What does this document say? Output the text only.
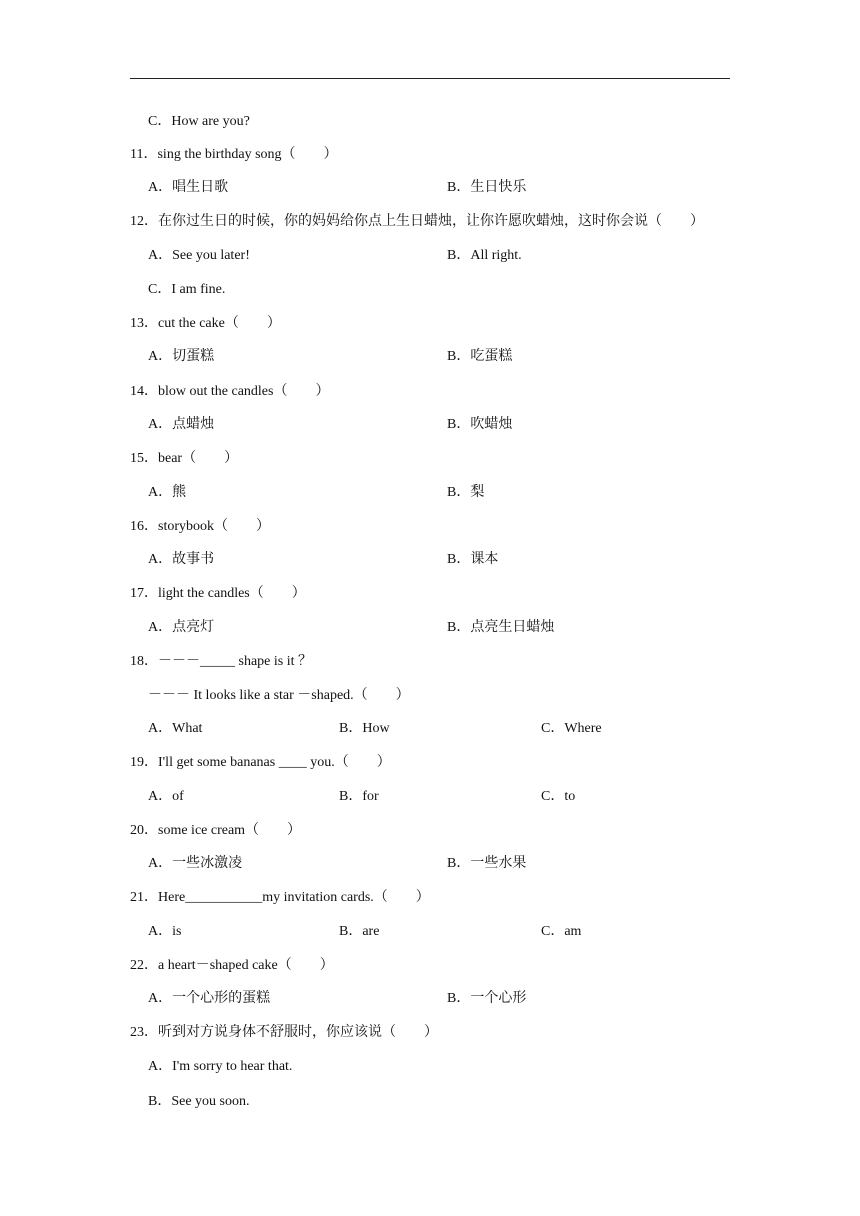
C．How are you?
11．sing the birthday song（　　）
A．唱生日歌	B．生日快乐
12．在你过生日的时候，你的妈妈给你点上生日蜡烛，让你许愿吹蜡烛，这时你会说（　　）
A．See you later!	B．All right.
C．I am fine.
13．cut the cake（　　）
A．切蛋糕	B．吃蛋糕
14．blow out the candles（　　）
A．点蜡烛	B．吹蜡烛
15．bear（　　）
A．熊	B．梨
16．storybook（　　）
A．故事书	B．课本
17．light the candles（　　）
A．点亮灯	B．点亮生日蜡烛
18．－－－_____ shape is it ？
－－－ It looks like a star －shaped.（　　）
A．What	B．How	C．Where
19．I'll get some bananas ____ you.（　　）
A．of	B．for	C．to
20．some ice cream（　　）
A．一些冰激凌	B．一些水果
21．Here___________my invitation cards.（　　）
A．is	B．are	C．am
22．a heart－shaped cake（　　）
A．一个心形的蛋糕	B．一个心形
23．听到对方说身体不舒服时，你应该说（　　）
A．I'm sorry to hear that.
B．See you soon.
